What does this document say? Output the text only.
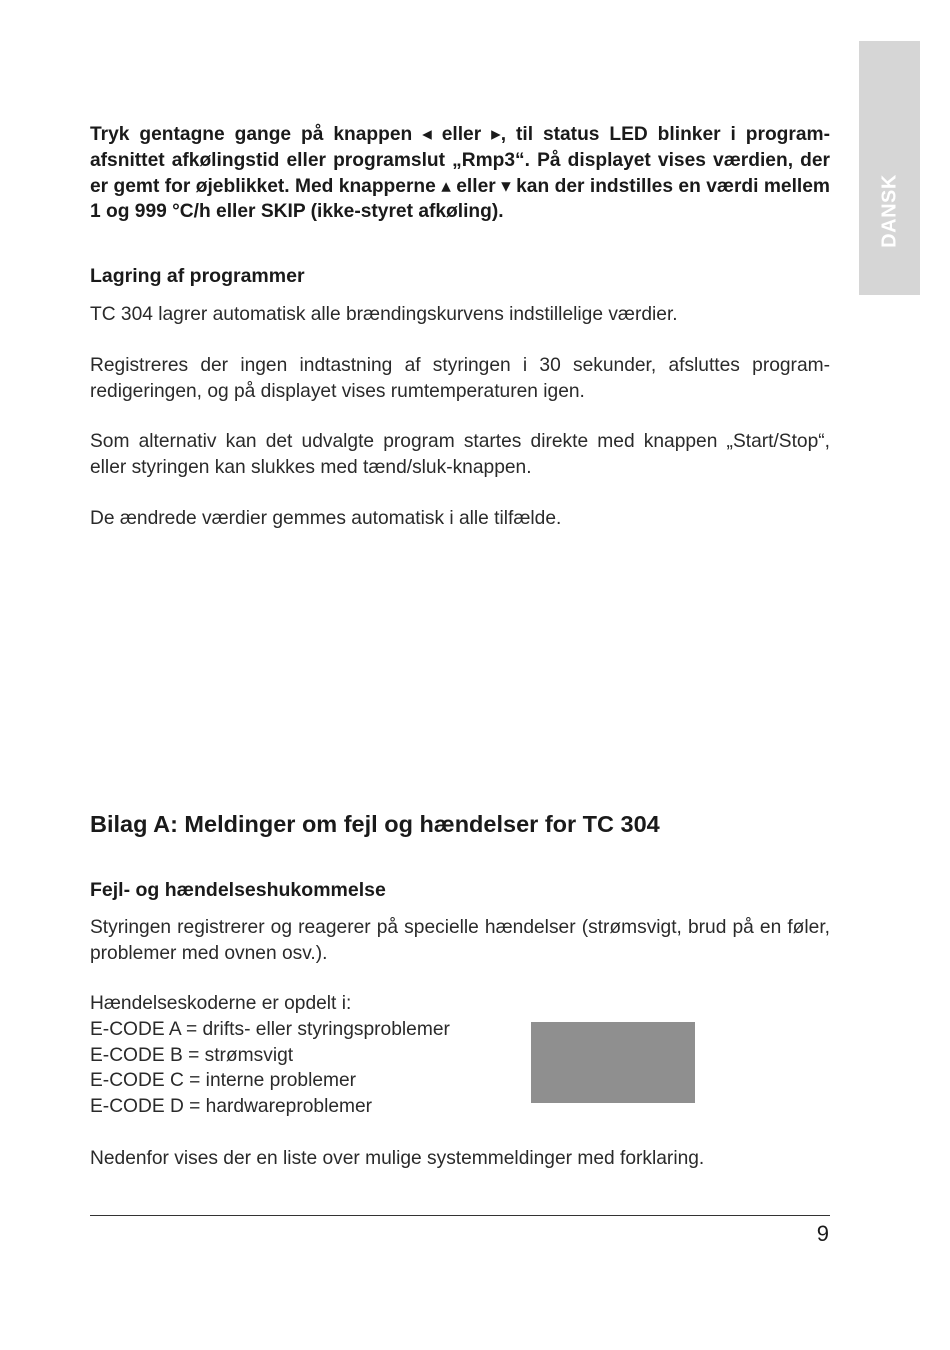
DANSK

Tryk gentagne gange på knappen ◂ eller ▸, til status LED blinker i programafsnittet afkølingstid eller programslut „Rmp3“. På displayet vises værdien, der er gemt for øjeblikket. Med knapperne ▴ eller ▾ kan der indstilles en værdi mellem 1 og 999 °C/h eller SKIP (ikke-styret afkøling).

Lagring af programmer

TC 304 lagrer automatisk alle brændingskurvens indstillelige værdier.

Registreres der ingen indtastning af styringen i 30 sekunder, afsluttes programredigeringen, og på displayet vises rumtemperaturen igen.

Som alternativ kan det udvalgte program startes direkte med knappen „Start/Stop“, eller styringen kan slukkes med tænd/sluk-knappen.

De ændrede værdier gemmes automatisk i alle tilfælde.

Bilag A: Meldinger om fejl og hændelser for TC 304
Fejl- og hændelseshukommelse

Styringen registrerer og reagerer på specielle hændelser (strømsvigt, brud på en føler, problemer med ovnen osv.).

Hændelseskoderne er opdelt i:

E-CODE A = drifts- eller styringsproblemer
E-CODE B = strømsvigt
E-CODE C = interne problemer
E-CODE D = hardwareproblemer

Nedenfor vises der en liste over mulige systemmeldinger med forklaring.

9
